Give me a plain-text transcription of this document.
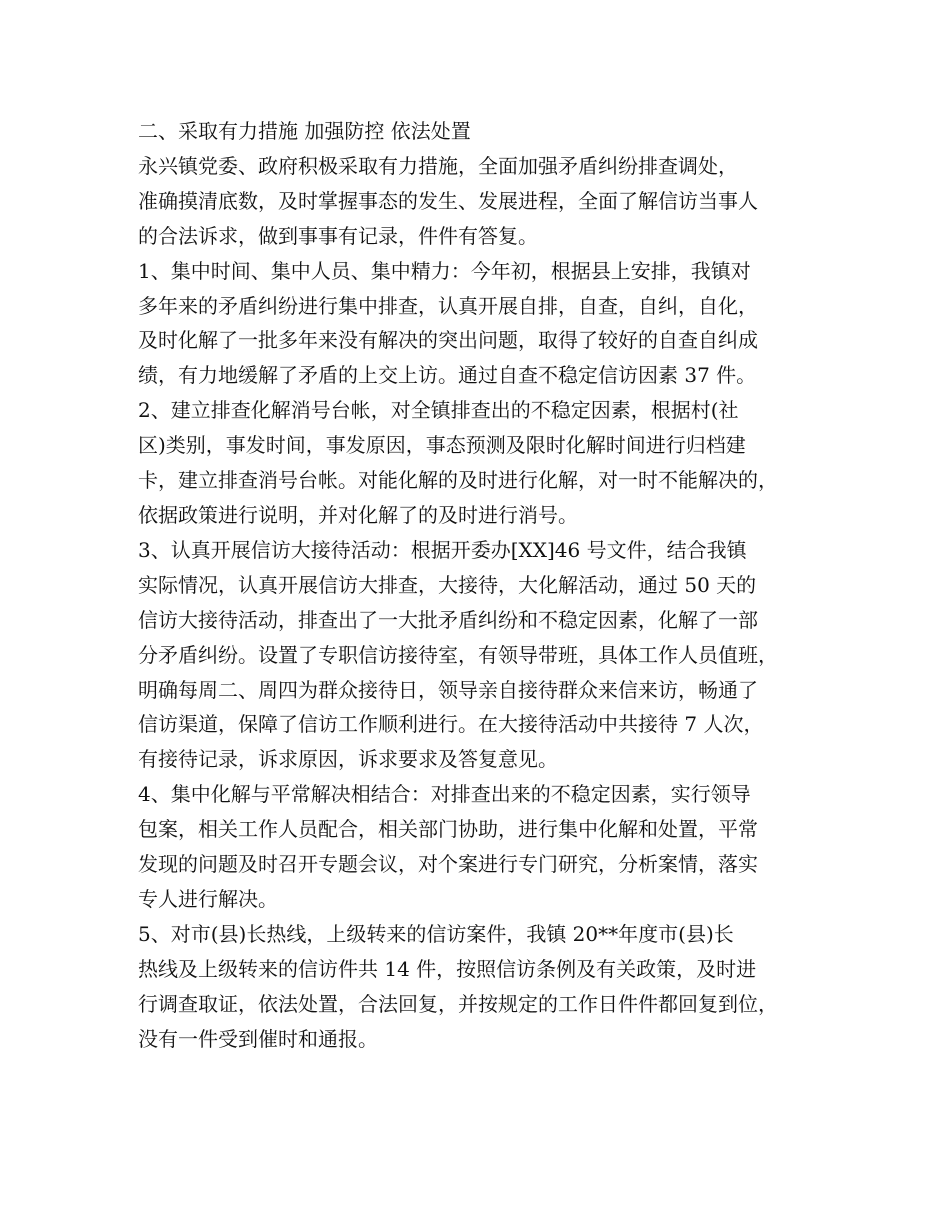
二、采取有力措施 加强防控 依法处置

永兴镇党委、政府积极采取有力措施，全面加强矛盾纠纷排查调处，
准确摸清底数，及时掌握事态的发生、发展进程，全面了解信访当事人
的合法诉求，做到事事有记录，件件有答复。

1、集中时间、集中人员、集中精力：今年初，根据县上安排，我镇对
多年来的矛盾纠纷进行集中排查，认真开展自排，自查，自纠，自化，
及时化解了一批多年来没有解决的突出问题，取得了较好的自查自纠成
绩，有力地缓解了矛盾的上交上访。通过自查不稳定信访因素 37 件。

2、建立排查化解消号台帐，对全镇排查出的不稳定因素，根据村(社
区)类别，事发时间，事发原因，事态预测及限时化解时间进行归档建
卡，建立排查消号台帐。对能化解的及时进行化解，对一时不能解决的，
依据政策进行说明，并对化解了的及时进行消号。

3、认真开展信访大接待活动：根据开委办[XX]46 号文件，结合我镇
实际情况，认真开展信访大排查，大接待，大化解活动，通过 50 天的
信访大接待活动，排查出了一大批矛盾纠纷和不稳定因素，化解了一部
分矛盾纠纷。设置了专职信访接待室，有领导带班，具体工作人员值班，
明确每周二、周四为群众接待日，领导亲自接待群众来信来访，畅通了
信访渠道，保障了信访工作顺利进行。在大接待活动中共接待 7 人次，
有接待记录，诉求原因，诉求要求及答复意见。

4、集中化解与平常解决相结合：对排查出来的不稳定因素，实行领导
包案，相关工作人员配合，相关部门协助，进行集中化解和处置，平常
发现的问题及时召开专题会议，对个案进行专门研究，分析案情，落实
专人进行解决。

5、对市(县)长热线，上级转来的信访案件，我镇 20**年度市(县)长
热线及上级转来的信访件共 14 件，按照信访条例及有关政策，及时进
行调查取证，依法处置，合法回复，并按规定的工作日件件都回复到位，
没有一件受到催时和通报。
